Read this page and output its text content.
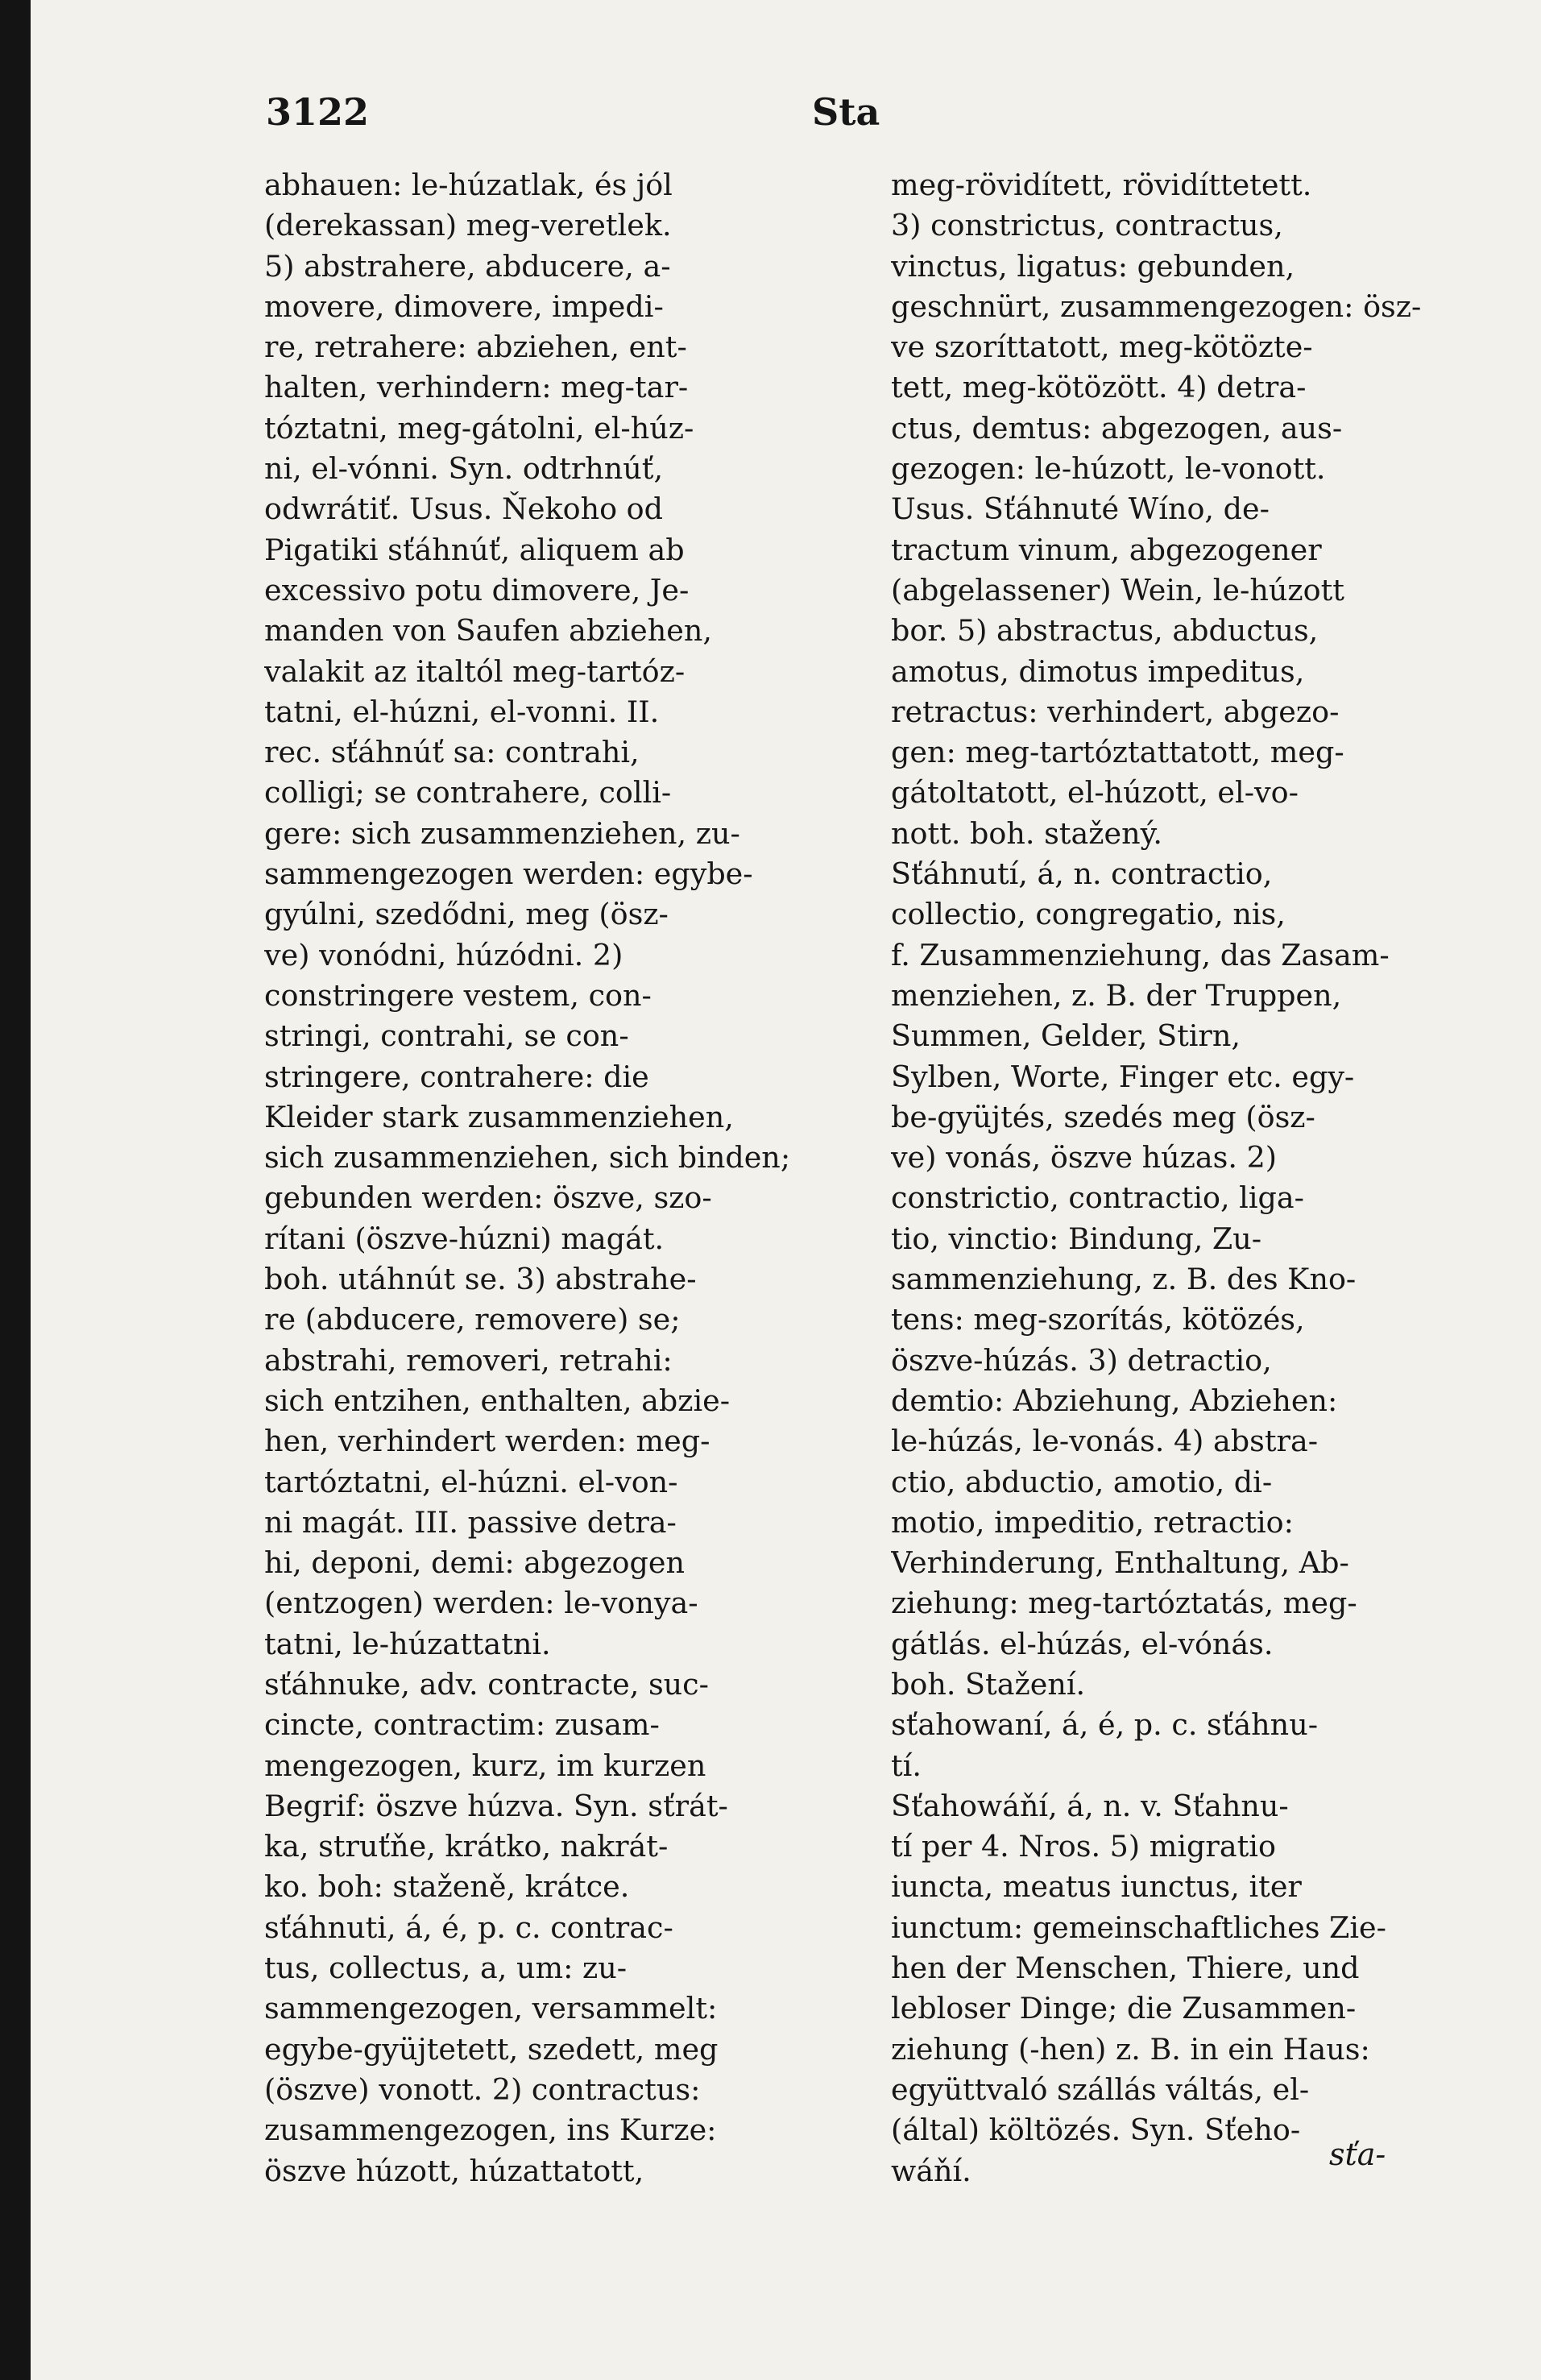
3122	Sta
abhauen: le-húzatlak, és jól
(derekassan) meg-veretlek.
5) abstrahere, abducere, a-
movere, dimovere, impedi-
re, retrahere: abziehen, ent-
halten, verhindern: meg-tar-
tóztatni, meg-gátolni, el-húz-
ni, el-vónni. Syn. odtrhnúť,
odwrátiť. Usus. Ňekoho od
Pigatiki sťáhnúť, aliquem ab
excessivo potu dimovere, Je-
manden von Saufen abziehen,
valakit az italtól meg-tartóz-
tatni, el-húzni, el-vonni. II.
rec. sťáhnúť sa: contrahi,
colligi; se contrahere, colli-
gere: sich zusammenziehen, zu-
sammengezogen werden: egybe-
gyúlni, szedődni, meg (ösz-
ve) vonódni, húzódni. 2)
constringere vestem, con-
stringi, contrahi, se con-
stringere, contrahere: die
Kleider stark zusammenziehen,
sich zusammenziehen, sich binden;
gebunden werden: öszve, szo-
rítani (öszve-húzni) magát.
boh. utáhnút se. 3) abstrahe-
re (abducere, removere) se;
abstrahi, removeri, retrahi:
sich entzihen, enthalten, abzie-
hen, verhindert werden: meg-
tartóztatni, el-húzni. el-von-
ni magát. III. passive detra-
hi, deponi, demi: abgezogen
(entzogen) werden: le-vonya-
tatni, le-húzattatni.
sťáhnuke, adv. contracte, suc-
cincte, contractim: zusam-
mengezogen, kurz, im kurzen
Begrif: öszve húzva. Syn. sťrát-
ka, struťňe, krátko, nakrát-
ko. boh: staženě, krátce.
sťáhnuti, á, é, p. c. contrac-
tus, collectus, a, um: zu-
sammengezogen, versammelt:
egybe-gyüjtetett, szedett, meg
(öszve) vonott. 2) contractus:
zusammengezogen, ins Kurze:
öszve húzott, húzattatott,
meg-rövidített, rövidíttetett.
3) constrictus, contractus,
vinctus, ligatus: gebunden,
geschnürt, zusammengezogen: ösz-
ve szoríttatott, meg-kötözte-
tett, meg-kötözött. 4) detra-
ctus, demtus: abgezogen, aus-
gezogen: le-húzott, le-vonott.
Usus. Sťáhnuté Wíno, de-
tractum vinum, abgezogener
(abgelassener) Wein, le-húzott
bor. 5) abstractus, abductus,
amotus, dimotus impeditus,
retractus: verhindert, abgezo-
gen: meg-tartóztattatott, meg-
gátoltatott, el-húzott, el-vo-
nott. boh. stažený.
Sťáhnutí, á, n. contractio,
collectio, congregatio, nis,
f. Zusammenziehung, das Zasam-
menziehen, z. B. der Truppen,
Summen, Gelder, Stirn,
Sylben, Worte, Finger etc. egy-
be-gyüjtés, szedés meg (ösz-
ve) vonás, öszve húzas. 2)
constrictio, contractio, liga-
tio, vinctio: Bindung, Zu-
sammenziehung, z. B. des Kno-
tens: meg-szorítás, kötözés,
öszve-húzás. 3) detractio,
demtio: Abziehung, Abziehen:
le-húzás, le-vonás. 4) abstra-
ctio, abductio, amotio, di-
motio, impeditio, retractio:
Verhinderung, Enthaltung, Ab-
ziehung: meg-tartóztatás, meg-
gátlás. el-húzás, el-vónás.
boh. Stažení.
sťahowaní, á, é, p. c. sťáhnu-
tí.
Sťahowáňí, á, n. v. Sťahnu-
tí per 4. Nros. 5) migratio
iuncta, meatus iunctus, iter
iunctum: gemeinschaftliches Zie-
hen der Menschen, Thiere, und
lebloser Dinge; die Zusammen-
ziehung (-hen) z. B. in ein Haus:
együttvaló szállás váltás, el-
(által) költözés. Syn. Sťeho-
wáňí.	sťa-
